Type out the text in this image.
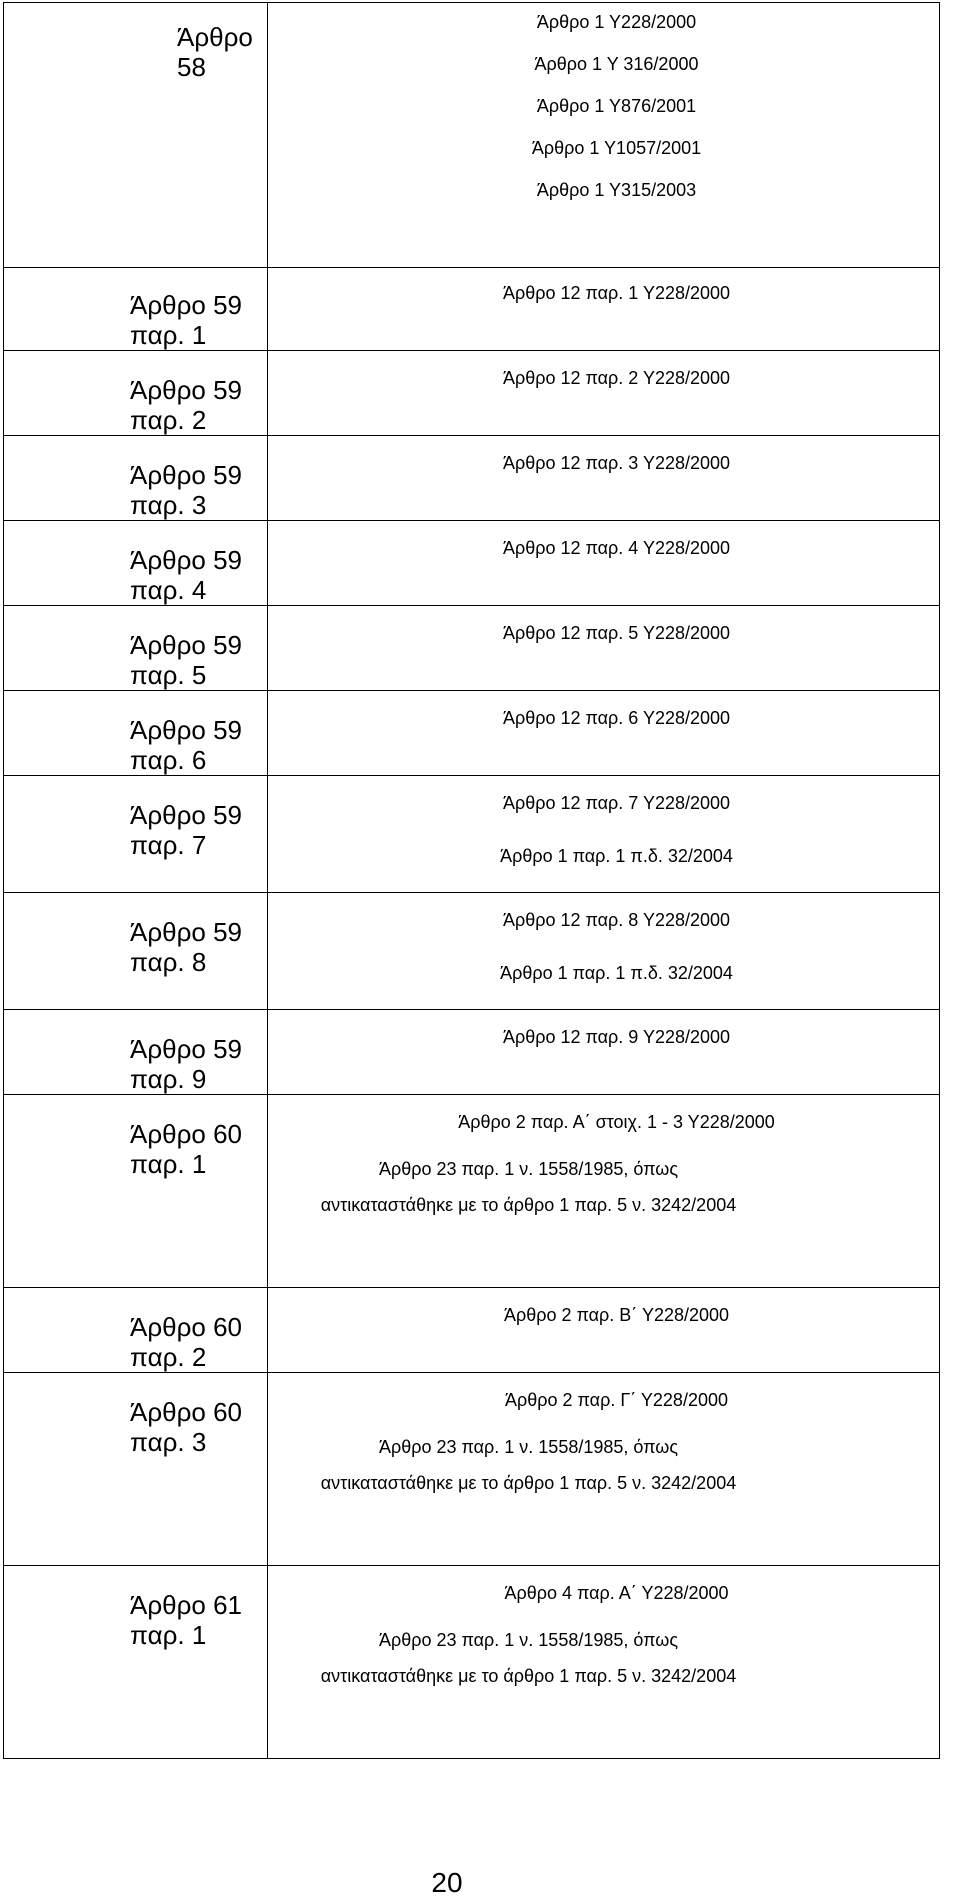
Άρθρο 58	Άρθρο 1 Υ228/2000
Άρθρο 1 Υ 316/2000
Άρθρο 1 Υ876/2001
Άρθρο 1 Υ1057/2001
Άρθρο 1 Υ315/2003

Άρθρο 59 παρ. 1	Άρθρο 12 παρ. 1 Υ228/2000

Άρθρο 59 παρ. 2	Άρθρο 12 παρ. 2 Υ228/2000

Άρθρο 59 παρ. 3	Άρθρο 12 παρ. 3 Υ228/2000

Άρθρο 59 παρ. 4	Άρθρο 12 παρ. 4 Υ228/2000

Άρθρο 59 παρ. 5	Άρθρο 12 παρ. 5 Υ228/2000

Άρθρο 59 παρ. 6	Άρθρο 12 παρ. 6 Υ228/2000

Άρθρο 59 παρ. 7	Άρθρο 12 παρ. 7 Υ228/2000
Άρθρο 1 παρ. 1 π.δ. 32/2004

Άρθρο 59 παρ. 8	Άρθρο 12 παρ. 8 Υ228/2000
Άρθρο 1 παρ. 1 π.δ. 32/2004

Άρθρο 59 παρ. 9	Άρθρο 12 παρ. 9 Υ228/2000

Άρθρο 60 παρ. 1	Άρθρο 2 παρ. Α΄ στοιχ. 1 - 3 Υ228/2000
Άρθρο 23 παρ. 1 ν. 1558/1985, όπως αντικαταστάθηκε με το άρθρο 1 παρ. 5 ν. 3242/2004

Άρθρο 60 παρ. 2	Άρθρο 2 παρ. Β΄ Υ228/2000

Άρθρο 60 παρ. 3	Άρθρο 2 παρ. Γ΄ Υ228/2000
Άρθρο 23 παρ. 1 ν. 1558/1985, όπως αντικαταστάθηκε με το άρθρο 1 παρ. 5 ν. 3242/2004

Άρθρο 61 παρ. 1	Άρθρο 4 παρ. Α΄ Υ228/2000
Άρθρο 23 παρ. 1 ν. 1558/1985, όπως αντικαταστάθηκε με το άρθρο 1 παρ. 5 ν. 3242/2004
20
